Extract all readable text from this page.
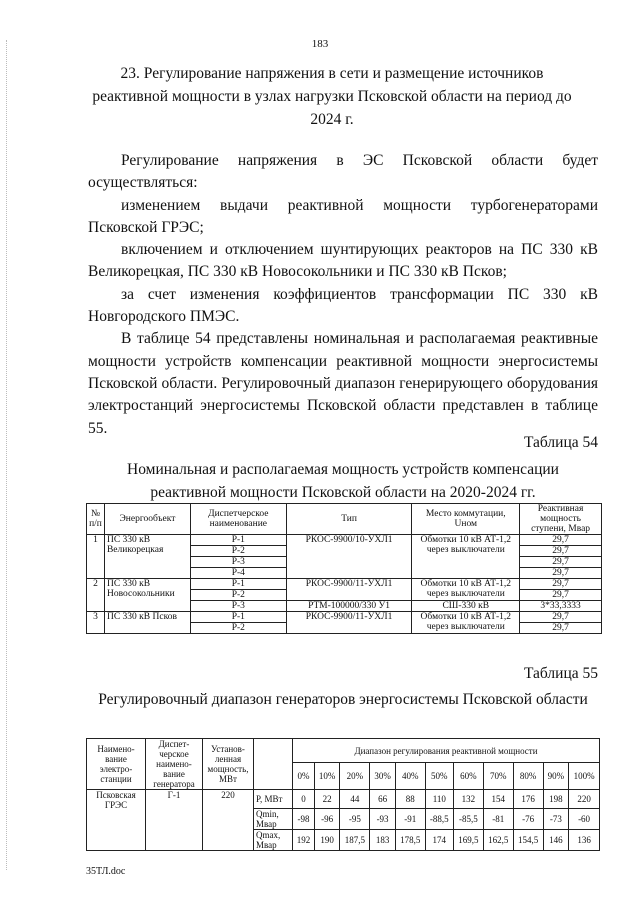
183
23. Регулирование напряжения в сети и размещение источников реактивной мощности в узлах нагрузки Псковской области на период до 2024 г.

Регулирование напряжения в ЭС Псковской области будет осуществляться:

изменением выдачи реактивной мощности турбогенераторами Псковской ГРЭС;

включением и отключением шунтирующих реакторов на ПС 330 кВ Великорецкая, ПС 330 кВ Новосокольники и ПС 330 кВ Псков;

за счет изменения коэффициентов трансформации ПС 330 кВ Новгородского ПМЭС.

В таблице 54 представлены номинальная и располагаемая реактивные мощности устройств компенсации реактивной мощности энергосистемы Псковской области. Регулировочный диапазон генерирующего оборудования электростанций энергосистемы Псковской области представлен в таблице 55.

Таблица 54
Номинальная и располагаемая мощность устройств компенсации реактивной мощности Псковской области на 2020-2024 гг.
№ п/п	Энергообъект	Диспетчерское наименование	Тип	Место коммутации, Uном	Реактивная мощность ступени, Мвар
1	ПС 330 кВ Великорецкая	Р-1	РКОС-9900/10-УХЛ1	Обмотки 10 кВ АТ-1,2 через выключатели	29,7
		Р-2			29,7
		Р-3			29,7
		Р-4			29,7
2	ПС 330 кВ Новосокольники	Р-1	РКОС-9900/11-УХЛ1	Обмотки 10 кВ АТ-1,2 через выключатели	29,7
		Р-2			29,7
		Р-3	РТМ-100000/330 У1	СШ-330 кВ	3*33,3333
3	ПС 330 кВ Псков	Р-1	РКОС-9900/11-УХЛ1	Обмотки 10 кВ АТ-1,2 через выключатели	29,7
		Р-2			29,7
Таблица 55
Регулировочный диапазон генераторов энергосистемы Псковской области
Наимено-вание электро-станции	Диспет-черское наимено-вание генератора	Установ-ленная мощность, МВт		Диапазон регулирования реактивной мощности										
				0%	10%	20%	30%	40%	50%	60%	70%	80%	90%	100%
Псковская ГРЭС	Г-1	220	P, МВт	0	22	44	66	88	110	132	154	176	198	220
			Qmin, Мвар	-98	-96	-95	-93	-91	-88,5	-85,5	-81	-76	-73	-60
			Qmax, Мвар	192	190	187,5	183	178,5	174	169,5	162,5	154,5	146	136
35ТЛ.doc
